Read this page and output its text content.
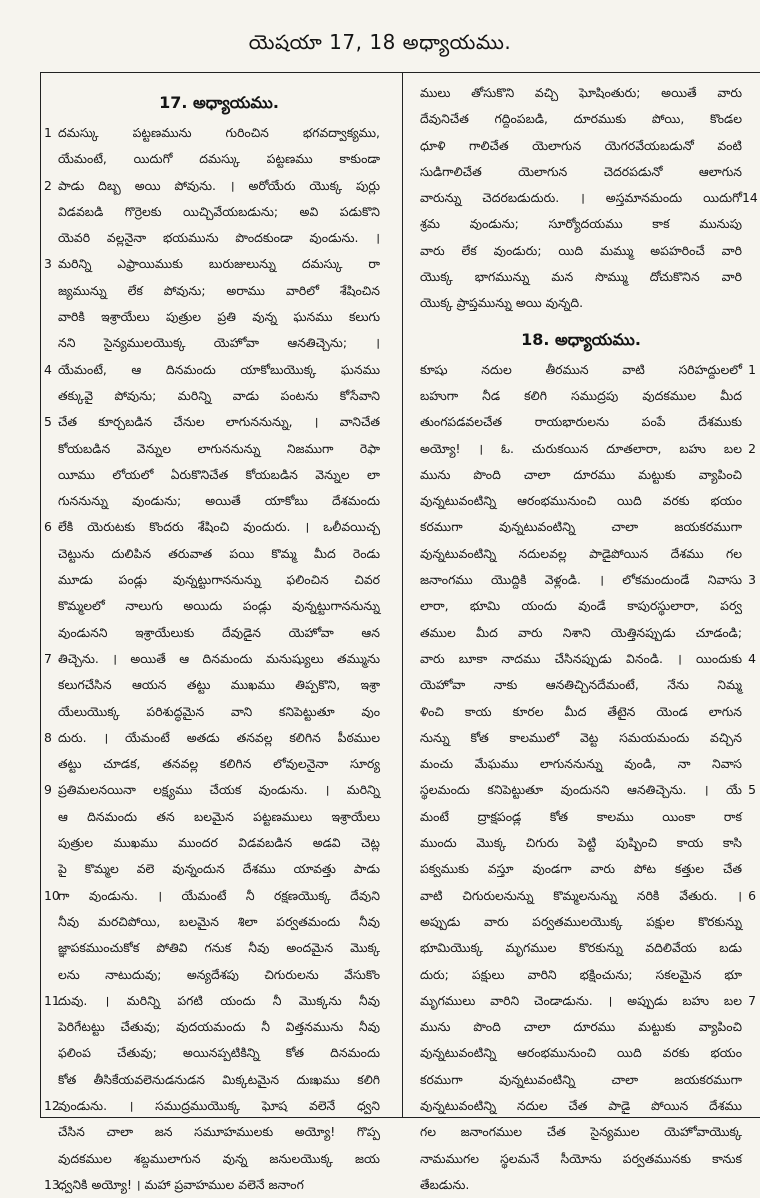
యెషయా 17, 18 అధ్యాయము.
17. అధ్యాయము.
1 దమస్కు పట్టణమును గురించిన భగవద్వాక్యము,
యేమంటే, యిదుగో దమస్కు పట్టణము కాకుండా
2 పాడు దిబ్బ అయి పోవును. । అరోయేరు యొక్క పుర్లు
విడవబడి గొర్రెలకు యిచ్చివేయబడును; అవి పడుకొని
యెవరి వల్లనైనా భయమును పొందకుండా వుండును. ।
3 మరిన్ని ఎఫ్రాయిముకు బురుజులున్ను దమస్కు రా
జ్యమున్ను లేక పోవును; అరాము వారిలో శేషించిన
వారికి ఇశ్రాయేలు పుత్రుల ప్రతి వున్న ఘనము కలుగు
నని సైన్యములయొక్క యెహోవా ఆనతిచ్చెను; ।
4 యేమంటే, ఆ దినమందు యాకోబుయొక్క ఘనము
తక్కువై పోవును; మరిన్ని వాడు పంటను కోసేవాని
5 చేత కూర్చబడిన చేనుల లాగుననున్ను, । వానిచేత
కోయబడిన వెన్నుల లాగుననున్ను నిజముగా రెఫా
యీము లోయలో ఏరుకొనిచేత కోయబడిన వెన్నుల లా
గుననున్ను వుండును; అయితే యాకోబు దేశమందు
6 లేకి యెరుటకు కొందరు శేషించి వుందురు. । ఒలీవయిచ్చ
చెట్టును దులిపిన తరువాత పయి కొమ్మ మీద రెండు
మూడు పండ్లు వున్నట్టుగాననున్ను ఫలించిన చివర
కొమ్మలలో నాలుగు అయిదు పండ్లు వున్నట్టుగాననున్ను
వుండునని ఇశ్రాయేలుకు దేవుడైన యెహోవా ఆన
7 తిచ్చెను. । అయితే ఆ దినమందు మనుష్యులు తమ్మును
కలుగచేసిన ఆయన తట్టు ముఖము తిప్పకొని, ఇశ్రా
యేలుయొక్క పరిశుద్ధమైన వాని కనిపెట్టుతూ వుం
8 దురు. । యేమంటే అతడు తనవల్ల కలిగిన పీఠముల
తట్టు చూడక, తనవల్ల కలిగిన లోవులనైనా సూర్య
9 ప్రతిమలనయినా లక్ష్యము చేయక వుండును. । మరిన్ని
ఆ దినమందు తన బలమైన పట్టణములు ఇశ్రాయేలు
పుత్రుల ముఖము ముందర విడవబడిన అడవి చెట్ల
పై కొమ్మల వలె వున్నందున దేశము యావత్తు పాడు
10
గా వుండును. । యేమంటే నీ రక్షణయొక్క దేవుని
నీవు మరచిపోయి, బలమైన శిలా పర్వతమందు నీవు
జ్ఞాపకముంచుకోక పోతివి గనుక నీవు అందమైన మొక్క
లను నాటుదువు; అన్యదేశపు చిగురులను వేసుకొం
11
దువు. । మరిన్ని పగటి యందు నీ మొక్కను నీవు
పెరిగేటట్టు చేతువు; వుదయమందు నీ విత్తనమును నీవు
ఫలింప చేతువు; అయినప్పటికిన్ని కోత దినమందు
కోత తీసికేయవలెనుడనుడన మిక్కటమైన దుఃఖము కలిగి
12
వుండును. । సముద్రముయొక్క ఘోష వలెనే ధ్వని
చేసిన చాలా జన సమూహములకు అయ్యో! గొప్ప
వుదకముల శబ్దములాగున వున్న జనులయొక్క జయ
13
ధ్వనికి అయ్యో! । మహా ప్రవాహముల వలెనే జనాంగ
ములు తోసుకొని వచ్చి ఘోషింతురు; అయితే వారు
దేవునిచేత గద్దింపబడి, దూరముకు పోయి, కొండల
ధూళి గాలిచేత యెలాగున యెగరవేయబడునో వంటి
సుడిగాలిచేత యెలాగున చెదరపడునో ఆలాగున
14
వారున్ను చెదరబడుదురు. । అస్తమానమందు యిదుగో
శ్రమ వుండును; సూర్యోదయము కాక మునుపు
వారు లేక వుండురు; యిది మమ్ము అపహరించే వారి
యొక్క భాగమున్ను మన సొమ్ము దోచుకొనిన వారి
యొక్క ప్రాప్తమున్ను అయి వున్నది.
18. అధ్యాయము.
1
కూషు నదుల తీరమున వాటి సరిహద్దులలో
బహుగా నీడ కలిగి సముద్రపు వుదకముల మీద
తుంగపడవలచేత రాయభారులను పంపే దేశముకు
2
అయ్యో! । ఓ. చురుకయిన దూతలారా, బహు బల
మును పొంది చాలా దూరము మట్టుకు వ్యాపించి
వున్నటువంటిన్ని ఆరంభమునుంచి యిది వరకు భయం
కరముగా వున్నటువంటిన్ని చాలా జయకరముగా
వున్నటువంటిన్ని నదులవల్ల పాడైపోయిన దేశము గల
3
జనాంగము యొద్దికి వెళ్లండి. । లోకమందుండే నివాసు
లారా, భూమి యందు వుండే కాపురస్థులారా, పర్వ
తముల మీద వారు నిశాని యెత్తినప్పుడు చూడండి;
4
వారు బూకా నాదము చేసినప్పుడు వినండి. । యిందుకు
యెహోవా నాకు ఆనతిచ్చినదేమంటే, నేను నిమ్మ
ళించి కాయ కూరల మీద తేటైన యెండ లాగున
నున్ను కోత కాలములో వెట్ట సమయమందు వచ్చిన
మంచు మేఘము లాగుననున్ను వుండి, నా నివాస
5
స్థలమందు కనిపెట్టుతూ వుందునని ఆనతిచ్చెను. । యే
మంటే ద్రాక్షపండ్ల కోత కాలము యింకా రాక
ముందు మొక్క చిగురు పెట్టి పుష్పించి కాయ కాసి
పక్వముకు వస్తూ వుండగా వారు పోట కత్తుల చేత
6
వాటి చిగురులనున్ను కొమ్మలనున్ను నరికి వేతురు. ।
అప్పుడు వారు పర్వతములయొక్క పక్షుల కొరకున్ను
భూమియొక్క మృగముల కొరకున్ను వదిలివేయ బడు
దురు; పక్షులు వారిని భక్షించును; సకలమైన భూ
7
మృగములు వారిని చెండాడును. । అప్పుడు బహు బల
మును పొంది చాలా దూరము మట్టుకు వ్యాపించి
వున్నటువంటిన్ని ఆరంభమునుంచి యిది వరకు భయం
కరముగా వున్నటువంటిన్ని చాలా జయకరముగా
వున్నటువంటిన్ని నదుల చేత పాడై పోయిన దేశము
గల జనాంగముల చేత సైన్యముల యెహోవాయొక్క
నామముగల స్థలమనే సీయోను పర్వతమునకు కానుక
తేబడును.
